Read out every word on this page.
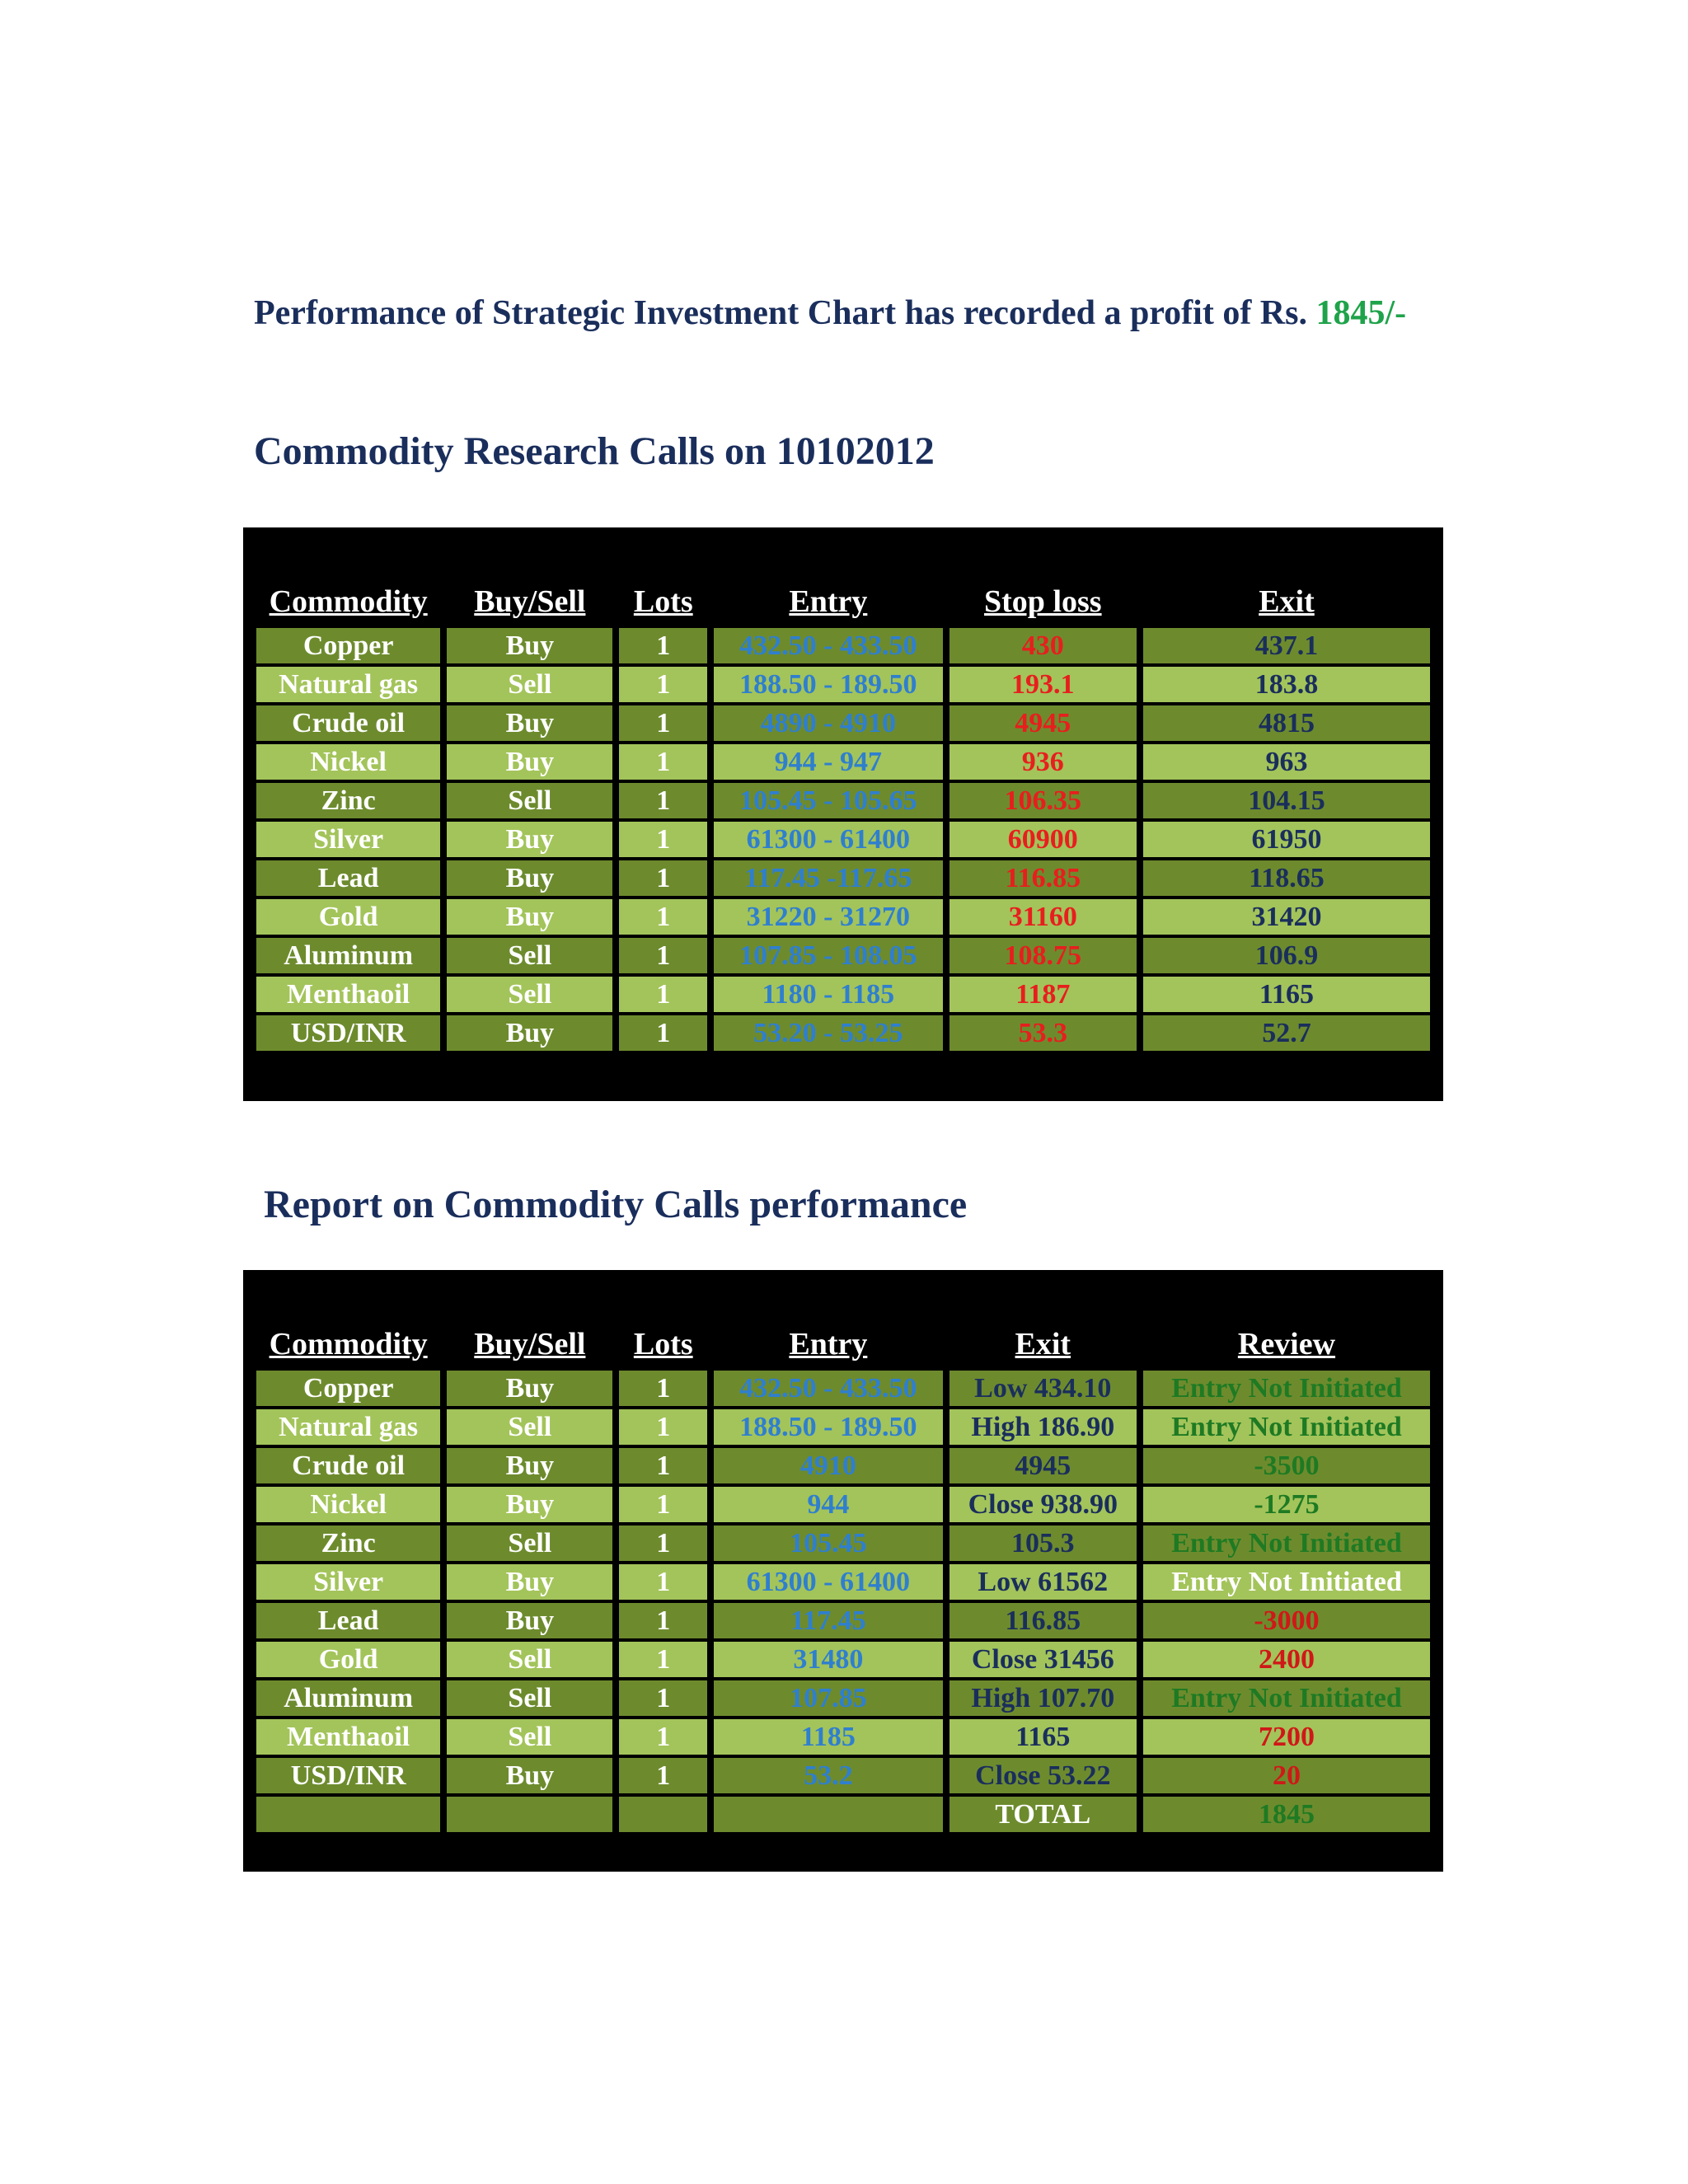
Performance of Strategic Investment Chart has recorded a profit of Rs. 1845/-
Commodity Research Calls on 10102012
Commodity	Buy/Sell	Lots	Entry	Stop loss	Exit
Copper	Buy	1	432.50 - 433.50	430	437.1
Natural gas	Sell	1	188.50 - 189.50	193.1	183.8
Crude oil	Buy	1	4890 - 4910	4945	4815
Nickel	Buy	1	944 - 947	936	963
Zinc	Sell	1	105.45 - 105.65	106.35	104.15
Silver	Buy	1	61300 - 61400	60900	61950
Lead	Buy	1	117.45 -117.65	116.85	118.65
Gold	Buy	1	31220 - 31270	31160	31420
Aluminum	Sell	1	107.85 - 108.05	108.75	106.9
Menthaoil	Sell	1	1180 - 1185	1187	1165
USD/INR	Buy	1	53.20 - 53.25	53.3	52.7
Report on Commodity Calls performance
Commodity	Buy/Sell	Lots	Entry	Exit	Review
Copper	Buy	1	432.50 - 433.50	Low 434.10	Entry Not Initiated
Natural gas	Sell	1	188.50 - 189.50	High 186.90	Entry Not Initiated
Crude oil	Buy	1	4910	4945	-3500
Nickel	Buy	1	944	Close 938.90	-1275
Zinc	Sell	1	105.45	105.3	Entry Not Initiated
Silver	Buy	1	61300 - 61400	Low 61562	Entry Not Initiated
Lead	Buy	1	117.45	116.85	-3000
Gold	Sell	1	31480	Close 31456	2400
Aluminum	Sell	1	107.85	High 107.70	Entry Not Initiated
Menthaoil	Sell	1	1185	1165	7200
USD/INR	Buy	1	53.2	Close 53.22	20
				TOTAL	1845
